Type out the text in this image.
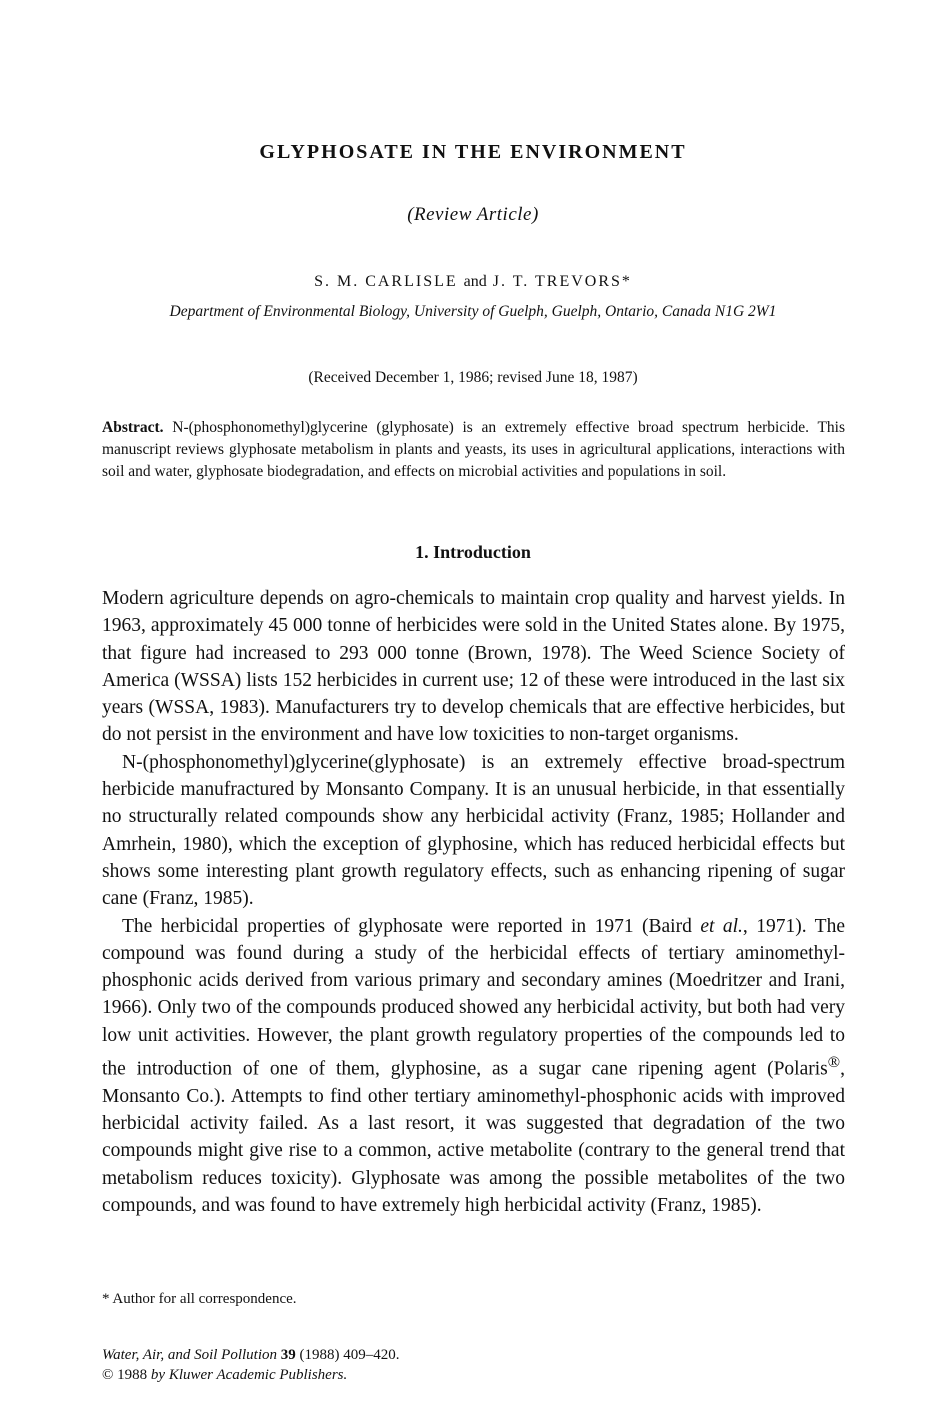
GLYPHOSATE IN THE ENVIRONMENT
(Review Article)
S. M. CARLISLE and J. T. TREVORS*
Department of Environmental Biology, University of Guelph, Guelph, Ontario, Canada N1G 2W1
(Received December 1, 1986; revised June 18, 1987)
Abstract. N-(phosphonomethyl)glycerine (glyphosate) is an extremely effective broad spectrum herbicide. This manuscript reviews glyphosate metabolism in plants and yeasts, its uses in agricultural applications, interactions with soil and water, glyphosate biodegradation, and effects on microbial activities and populations in soil.
1. Introduction

Modern agriculture depends on agro-chemicals to maintain crop quality and harvest yields. In 1963, approximately 45 000 tonne of herbicides were sold in the United States alone. By 1975, that figure had increased to 293 000 tonne (Brown, 1978). The Weed Science Society of America (WSSA) lists 152 herbicides in current use; 12 of these were introduced in the last six years (WSSA, 1983). Manufacturers try to develop chemicals that are effective herbicides, but do not persist in the environment and have low toxicities to non-target organisms.

N-(phosphonomethyl)glycerine(glyphosate) is an extremely effective broad-spectrum herbicide manufractured by Monsanto Company. It is an unusual herbicide, in that essentially no structurally related compounds show any herbicidal activity (Franz, 1985; Hollander and Amrhein, 1980), which the exception of glyphosine, which has reduced herbicidal effects but shows some interesting plant growth regulatory effects, such as enhancing ripening of sugar cane (Franz, 1985).

The herbicidal properties of glyphosate were reported in 1971 (Baird et al., 1971). The compound was found during a study of the herbicidal effects of tertiary aminomethyl-phosphonic acids derived from various primary and secondary amines (Moedritzer and Irani, 1966). Only two of the compounds produced showed any herbicidal activity, but both had very low unit activities. However, the plant growth regulatory properties of the compounds led to the introduction of one of them, glyphosine, as a sugar cane ripening agent (Polaris®, Monsanto Co.). Attempts to find other tertiary aminomethyl-phosphonic acids with improved herbicidal activity failed. As a last resort, it was suggested that degradation of the two compounds might give rise to a common, active metabolite (contrary to the general trend that metabolism reduces toxicity). Glyphosate was among the possible metabolites of the two compounds, and was found to have extremely high herbicidal activity (Franz, 1985).

* Author for all correspondence.
Water, Air, and Soil Pollution 39 (1988) 409–420.
© 1988 by Kluwer Academic Publishers.
